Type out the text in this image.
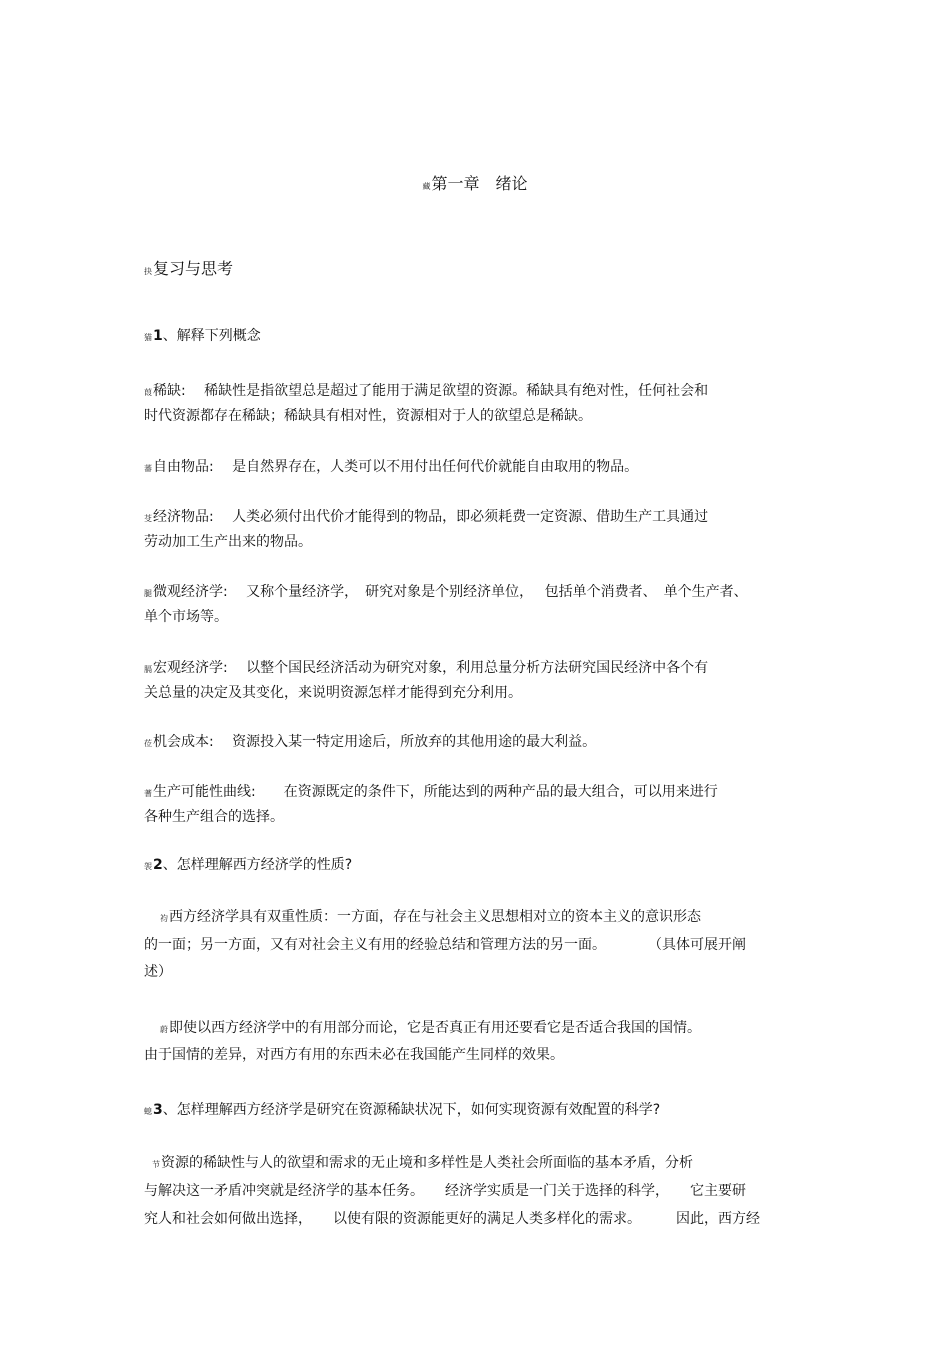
藏第一章　绪论
抉复习与思考
猫1、解释下列概念
葭稀缺:　 稀缺性是指欲望总是超过了能用于满足欲望的资源。稀缺具有绝对性，任何社会和
时代资源都存在稀缺；稀缺具有相对性，资源相对于人的欲望总是稀缺。
蕃自由物品:　 是自然界存在，人类可以不用付出任何代价就能自由取用的物品。
芟经济物品:　 人类必须付出代价才能得到的物品，即必须耗费一定资源、借助生产工具通过
劳动加工生产出来的物品。
腿微观经济学:　 又称个量经济学，　研究对象是个别经济单位，　 包括单个消费者、　单个生产者、
单个市场等。
膈宏观经济学:　 以整个国民经济活动为研究对象，利用总量分析方法研究国民经济中各个有
关总量的决定及其变化，来说明资源怎样才能得到充分利用。
莅机会成本:　 资源投入某一特定用途后，所放弃的其他用途的最大利益。
蓍生产可能性曲线:　　在资源既定的条件下，所能达到的两种产品的最大组合，可以用来进行
各种生产组合的选择。
袈2、怎样理解西方经济学的性质?
袀西方经济学具有双重性质：一方面，存在与社会主义思想相对立的资本主义的意识形态
的一面；另一方面，又有对社会主义有用的经验总结和管理方法的另一面。　　　　（具体可展开阐
述）
蔚即使以西方经济学中的有用部分而论，它是否真正有用还要看它是否适合我国的国情。
由于国情的差异，对西方有用的东西未必在我国能产生同样的效果。
螅3、怎样理解西方经济学是研究在资源稀缺状况下，如何实现资源有效配置的科学?
节资源的稀缺性与人的欲望和需求的无止境和多样性是人类社会所面临的基本矛盾，分析
与解决这一矛盾冲突就是经济学的基本任务。　　经济学实质是一门关于选择的科学，　　它主要研
究人和社会如何做出选择，　　以使有限的资源能更好的满足人类多样化的需求。　　　因此，西方经
